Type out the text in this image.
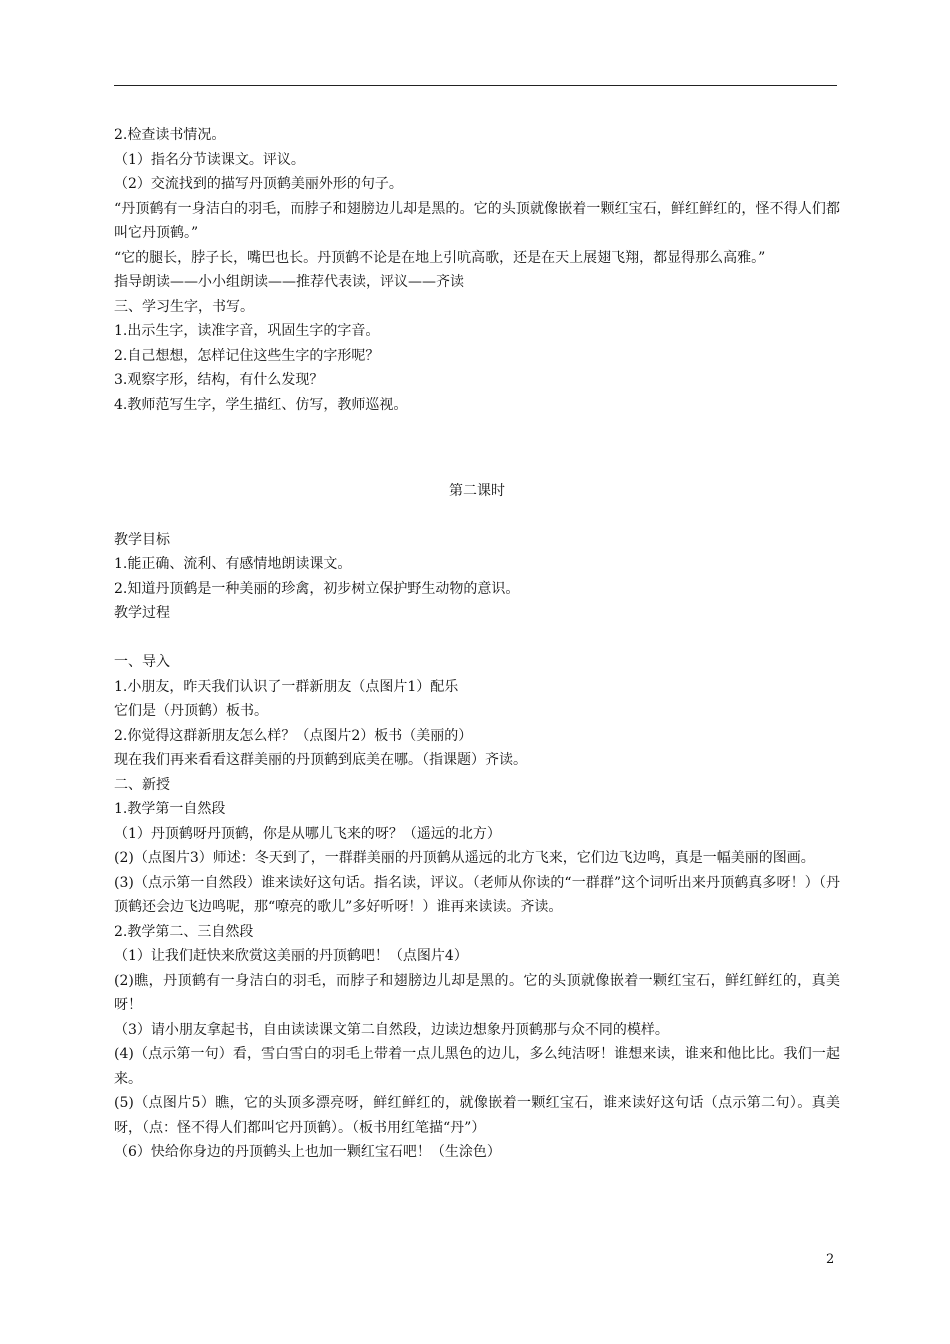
2.检查读书情况。
（1）指名分节读课文。评议。
（2）交流找到的描写丹顶鹤美丽外形的句子。
“丹顶鹤有一身洁白的羽毛，而脖子和翅膀边儿却是黑的。它的头顶就像嵌着一颗红宝石，鲜红鲜红的，怪不得人们都叫它丹顶鹤。”
“它的腿长，脖子长，嘴巴也长。丹顶鹤不论是在地上引吭高歌，还是在天上展翅飞翔，都显得那么高雅。”
指导朗读——小小组朗读——推荐代表读，评议——齐读
三、学习生字，书写。
1.出示生字，读准字音，巩固生字的字音。
2.自己想想，怎样记住这些生字的字形呢？
3.观察字形，结构，有什么发现？
4.教师范写生字，学生描红、仿写，教师巡视。
第二课时
教学目标
1.能正确、流利、有感情地朗读课文。
2.知道丹顶鹤是一种美丽的珍禽，初步树立保护野生动物的意识。
教学过程
一、导入
1.小朋友，昨天我们认识了一群新朋友（点图片1）配乐
它们是（丹顶鹤）板书。
2.你觉得这群新朋友怎么样？（点图片2）板书（美丽的）
现在我们再来看看这群美丽的丹顶鹤到底美在哪。（指课题）齐读。
二、新授
1.教学第一自然段
（1）丹顶鹤呀丹顶鹤，你是从哪儿飞来的呀？（遥远的北方）
(2)（点图片3）师述：冬天到了，一群群美丽的丹顶鹤从遥远的北方飞来，它们边飞边鸣，真是一幅美丽的图画。
(3)（点示第一自然段）谁来读好这句话。指名读，评议。（老师从你读的“一群群”这个词听出来丹顶鹤真多呀！）（丹顶鹤还会边飞边鸣呢，那“嘹亮的歌儿”多好听呀！）谁再来读读。齐读。
2.教学第二、三自然段
（1）让我们赶快来欣赏这美丽的丹顶鹤吧！（点图片4）
(2)瞧，丹顶鹤有一身洁白的羽毛，而脖子和翅膀边儿却是黑的。它的头顶就像嵌着一颗红宝石，鲜红鲜红的，真美呀！
（3）请小朋友拿起书，自由读读课文第二自然段，边读边想象丹顶鹤那与众不同的模样。
(4)（点示第一句）看，雪白雪白的羽毛上带着一点儿黑色的边儿，多么纯洁呀！谁想来读，谁来和他比比。我们一起来。
(5)（点图片5）瞧，它的头顶多漂亮呀，鲜红鲜红的，就像嵌着一颗红宝石，谁来读好这句话（点示第二句）。真美呀，（点：怪不得人们都叫它丹顶鹤）。（板书用红笔描“丹”）
（6）快给你身边的丹顶鹤头上也加一颗红宝石吧！（生涂色）
2
